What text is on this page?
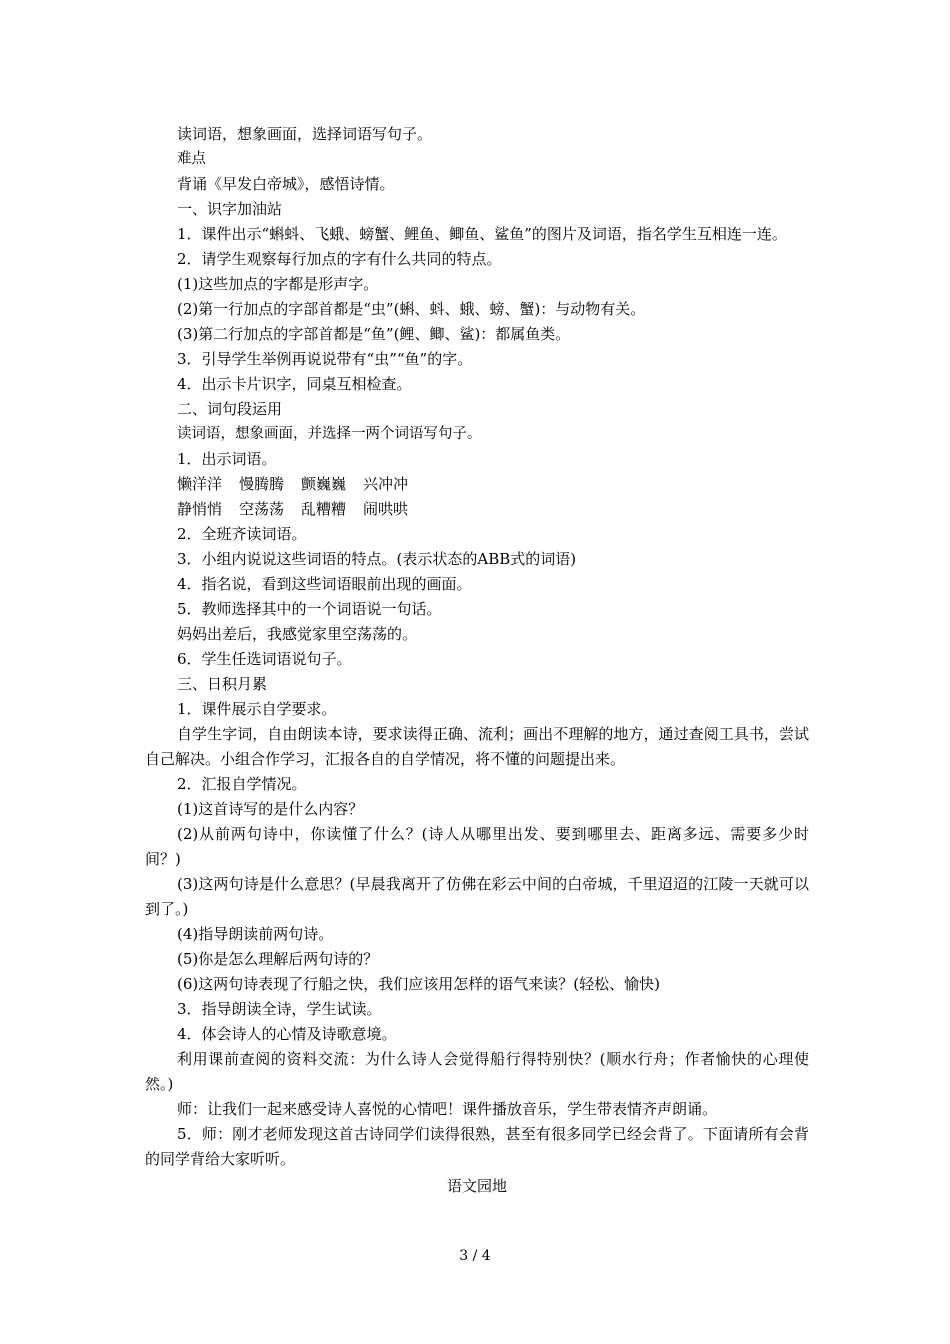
读词语，想象画面，选择词语写句子。

难点

背诵《早发白帝城》，感悟诗情。

一、识字加油站

1．课件出示“蝌蚪、飞蛾、螃蟹、鲤鱼、鲫鱼、鲨鱼”的图片及词语，指名学生互相连一连。

2．请学生观察每行加点的字有什么共同的特点。

(1)这些加点的字都是形声字。

(2)第一行加点的字部首都是“虫”(蝌、蚪、蛾、螃、蟹)：与动物有关。

(3)第二行加点的字部首都是“鱼”(鲤、鲫、鲨)：都属鱼类。

3．引导学生举例再说说带有“虫”“鱼”的字。

4．出示卡片识字，同桌互相检查。

二、词句段运用

读词语，想象画面，并选择一两个词语写句子。

1．出示词语。

懒洋洋 慢腾腾 颤巍巍 兴冲冲
静悄悄 空荡荡 乱糟糟 闹哄哄

2．全班齐读词语。

3．小组内说说这些词语的特点。(表示状态的ABB式的词语)

4．指名说，看到这些词语眼前出现的画面。

5．教师选择其中的一个词语说一句话。

妈妈出差后，我感觉家里空荡荡的。

6．学生任选词语说句子。

三、日积月累

1．课件展示自学要求。

自学生字词，自由朗读本诗，要求读得正确、流利；画出不理解的地方，通过查阅工具书，尝试自己解决。小组合作学习，汇报各自的自学情况，将不懂的问题提出来。

2．汇报自学情况。

(1)这首诗写的是什么内容？

(2)从前两句诗中，你读懂了什么？(诗人从哪里出发、要到哪里去、距离多远、需要多少时间？)

(3)这两句诗是什么意思？(早晨我离开了仿佛在彩云中间的白帝城，千里迢迢的江陵一天就可以到了。)

(4)指导朗读前两句诗。

(5)你是怎么理解后两句诗的？

(6)这两句诗表现了行船之快，我们应该用怎样的语气来读？(轻松、愉快)

3．指导朗读全诗，学生试读。

4．体会诗人的心情及诗歌意境。

利用课前查阅的资料交流：为什么诗人会觉得船行得特别快？(顺水行舟；作者愉快的心理使然。)

师：让我们一起来感受诗人喜悦的心情吧！课件播放音乐，学生带表情齐声朗诵。

5．师：刚才老师发现这首古诗同学们读得很熟，甚至有很多同学已经会背了。下面请所有会背的同学背给大家听听。

语文园地

3 / 4
